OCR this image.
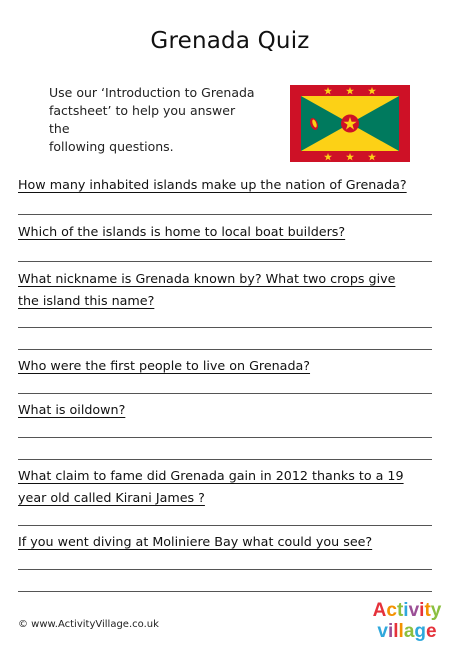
Grenada Quiz
Use our ‘Introduction to Grenada
factsheet’ to help you answer the
following questions.
How many inhabited islands make up the nation of Grenada?
Which of the islands is home to local boat builders?
What nickname is Grenada known by? What two crops give
the island this name?
Who were the first people to live on Grenada?
What is oildown?
What claim to fame did Grenada gain in 2012 thanks to a 19
year old called Kirani James ?
If you went diving at Moliniere Bay what could you see?
© www.ActivityVillage.co.uk
Activity
village
